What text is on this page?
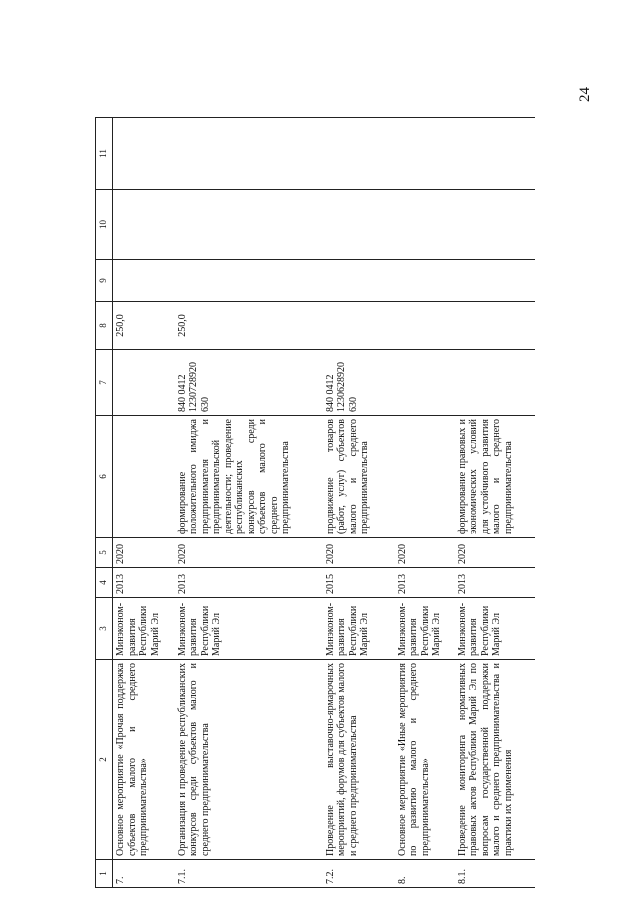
24
1	2	3	4	5	6	7	8	9	10	11
7.	Основное мероприятие «Прочая поддержка субъектов малого и среднего предпринимательства»	Минэконом-развития Республики Марий Эл	2013	2020			250,0			
7.1.	Организация и проведение республиканских конкурсов среди субъектов малого и среднего предпринимательства	Минэконом-развития Республики Марий Эл	2013	2020	формирование положительного имиджа предпринимателя и предпринимательской деятельности; проведение республиканских конкурсов среди субъектов малого и среднего предпринимательства	840 0412 1230728920 630	250,0			
7.2.	Проведение выставочно-ярмарочных мероприятий, форумов для субъектов малого и среднего предпринимательства	Минэконом-развития Республики Марий Эл	2015	2020	продвижение товаров (работ, услуг) субъектов малого и среднего предпринимательства	840 0412 1230628920 630				
8.	Основное мероприятие «Иные мероприятия по развитию малого и среднего предпринимательства»	Минэконом-развития Республики Марий Эл	2013	2020						
8.1.	Проведение мониторинга нормативных правовых актов Республики Марий Эл по вопросам государственной поддержки малого и среднего предпринимательства и практики их применения	Минэконом-развития Республики Марий Эл	2013	2020	формирование правовых и экономических условий для устойчивого развития малого и среднего предпринимательства					
